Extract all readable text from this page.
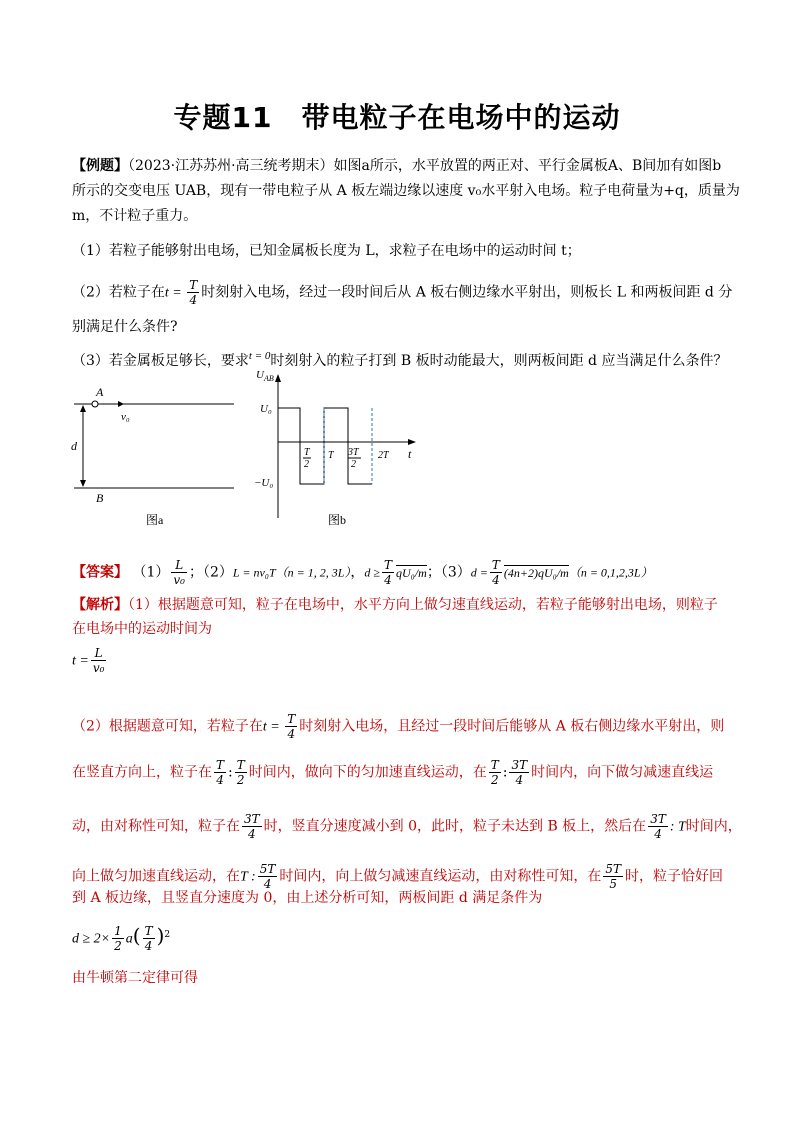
专题11　带电粒子在电场中的运动
【例题】（2023·江苏苏州·高三统考期末）如图a所示，水平放置的两正对、平行金属板A、B间加有如图b
所示的交变电压 UAB，现有一带电粒子从 A 板左端边缘以速度 v₀水平射入电场。粒子电荷量为+q，质量为
m，不计粒子重力。
（1）若粒子能够射出电场，已知金属板长度为 L，求粒子在电场中的运动时间 t；
（2）若粒子在$t = \frac{T}{4}$ 时刻射入电场，经过一段时间后从 A 板右侧边缘水平射出，则板长 L 和两板间距 d 分
别满足什么条件?
（3）若金属板足够长，要求$^{t = 0}$时刻射入的粒子打到 B 板时动能最大，则两板间距 d 应当满足什么条件？
A
B
v₀
d
图a
$U_{AB}$
U₀
−U₀
t
T
2
T 3T
2
2T
图b
【答案】 $(1) \frac{L}{\text{v₀}}$ ；（2）L = nv₀T（n = 1, 2, 3L），$d \ge \frac{T}{4} qU_0/m$；$(3)d = \frac{T}{4} (4n+2)qU_0/m(n = 0,1,2,3L)$
【解析】（1）根据题意可知，粒子在电场中，水平方向上做匀速直线运动，若粒子能够射出电场，则粒子
在电场中的运动时间为
$t = \frac{L}{\text{v₀}}$
（2）根据题意可知，若粒子在$t = \frac{T}{4}$ 时刻射入电场，且经过一段时间后能够从 A 板右侧边缘水平射出，则
在竖直方向上，粒子在 $\frac{T}{4}$ : $\frac{T}{2}$ 时间内，做向下的匀加速直线运动，在 $\frac{T}{2}$ : $\frac{3T}{4}$ 时间内，向下做匀减速直线运
动，由对称性可知，粒子在 $\frac{3T}{4}$ 时，竖直分速度减小到 0，此时，粒子未达到 B 板上，然后在 $\frac{3T}{4}$ : T时间内，
向上做匀加速直线运动，在T : $\frac{5T}{4}$ 时间内，向上做匀减速直线运动，由对称性可知，在 $\frac{5T}{5}$ 时，粒子恰好回
到 A 板边缘，且竖直分速度为 0，由上述分析可知，两板间距 d 满足条件为
$d \ge 2\times \frac{1}{2} a( \frac{T}{4} )^2$
由牛顿第二定律可得
